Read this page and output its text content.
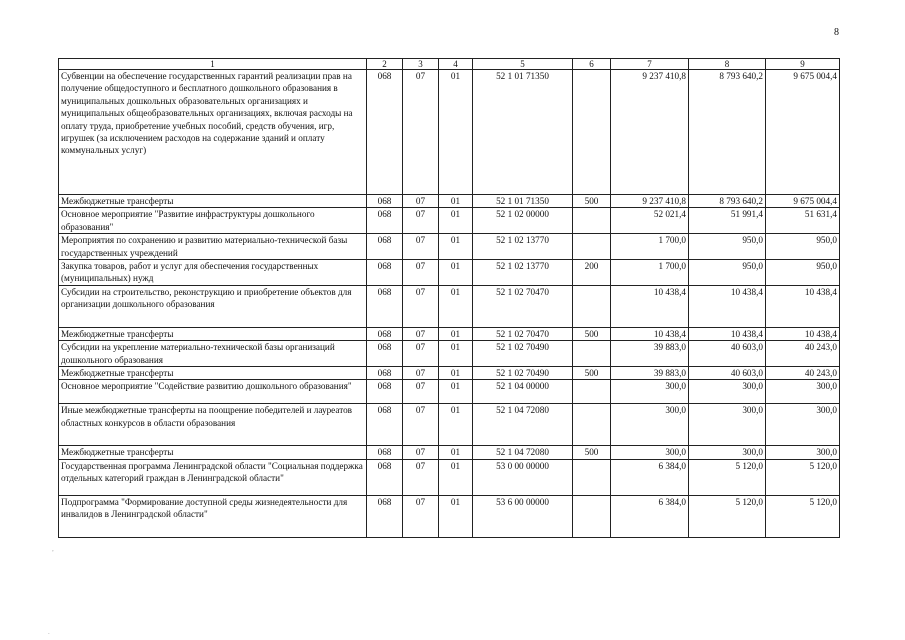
8
1	2	3	4	5	6	7	8	9
Субвенции на обеспечение государственных гарантий реализации прав на получение общедоступного и бесплатного дошкольного образования в муниципальных дошкольных образовательных организациях и муниципальных общеобразовательных организациях, включая расходы на оплату труда, приобретение учебных пособий, средств обучения, игр, игрушек (за исключением расходов на содержание зданий и оплату коммунальных услуг)	068	07	01	52 1 01 71350		9 237 410,8	8 793 640,2	9 675 004,4
Межбюджетные трансферты	068	07	01	52 1 01 71350	500	9 237 410,8	8 793 640,2	9 675 004,4
Основное мероприятие "Развитие инфраструктуры дошкольного образования"	068	07	01	52 1 02 00000		52 021,4	51 991,4	51 631,4
Мероприятия по сохранению и развитию материально-технической базы государственных учреждений	068	07	01	52 1 02 13770		1 700,0	950,0	950,0
Закупка товаров, работ и услуг для обеспечения государственных (муниципальных) нужд	068	07	01	52 1 02 13770	200	1 700,0	950,0	950,0
Субсидии на строительство, реконструкцию и приобретение объектов для организации дошкольного образования	068	07	01	52 1 02 70470		10 438,4	10 438,4	10 438,4
Межбюджетные трансферты	068	07	01	52 1 02 70470	500	10 438,4	10 438,4	10 438,4
Субсидии на укрепление материально-технической базы организаций дошкольного образования	068	07	01	52 1 02 70490		39 883,0	40 603,0	40 243,0
Межбюджетные трансферты	068	07	01	52 1 02 70490	500	39 883,0	40 603,0	40 243,0
Основное мероприятие "Содействие развитию дошкольного образования"	068	07	01	52 1 04 00000		300,0	300,0	300,0
Иные межбюджетные трансферты на поощрение победителей и лауреатов областных конкурсов в области образования	068	07	01	52 1 04 72080		300,0	300,0	300,0
Межбюджетные трансферты	068	07	01	52 1 04 72080	500	300,0	300,0	300,0
Государственная программа Ленинградской области "Социальная поддержка отдельных категорий граждан в Ленинградской области"	068	07	01	53 0 00 00000		6 384,0	5 120,0	5 120,0
Подпрограмма "Формирование доступной среды жизнедеятельности для инвалидов в Ленинградской области"	068	07	01	53 6 00 00000		6 384,0	5 120,0	5 120,0
,
.
